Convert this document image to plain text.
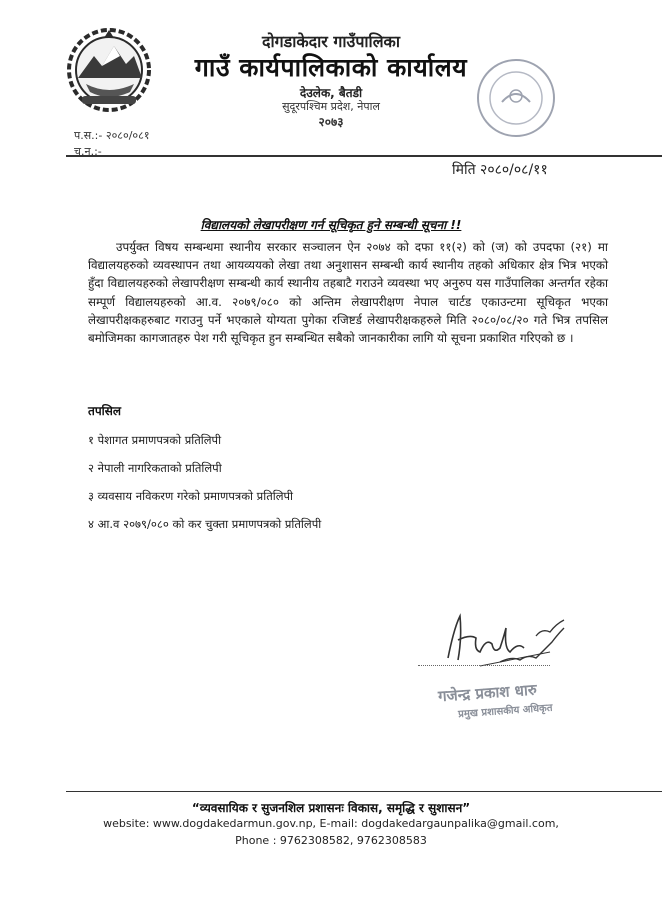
दोगडाकेदार गाउँपालिका
गाउँ कार्यपालिकाको कार्यालय
देउलेक, बैतडी
सुदूरपश्चिम प्रदेश, नेपाल
२०७३
प.स.:- २०८०/०८१
च.न.:-
मिति २०८०/०८/११
विद्यालयको लेखापरीक्षण गर्न सूचिकृत हुने सम्बन्धी सूचना !!

उपर्युक्त विषय सम्बन्धमा स्थानीय सरकार सञ्चालन ऐन २०७४ को दफा ११(२) को (ज) को उपदफा (२१) मा विद्यालयहरुको व्यवस्थापन तथा आयव्ययको लेखा तथा अनुशासन सम्बन्धी कार्य स्थानीय तहको अधिकार क्षेत्र भित्र भएको हुँदा विद्यालयहरुको लेखापरीक्षण सम्बन्धी कार्य स्थानीय तहबाटै गराउने व्यवस्था भए अनुरुप यस गाउँपालिका अन्तर्गत रहेका सम्पूर्ण विद्यालयहरुको आ.व. २०७९/०८० को अन्तिम लेखापरीक्षण नेपाल चार्टड एकाउन्टमा सूचिकृत भएका लेखापरीक्षकहरुबाट गराउनु पर्ने भएकाले योग्यता पुगेका रजिष्टर्ड लेखापरीक्षकहरुले मिति २०८०/०८/२० गते भित्र तपसिल बमोजिमका कागजातहरु पेश गरी सूचिकृत हुन सम्बन्धित सबैको जानकारीका लागि यो सूचना प्रकाशित गरिएको छ ।

तपसिल
१ पेशागत प्रमाणपत्रको प्रतिलिपी
२ नेपाली नागरिकताको प्रतिलिपी
३ व्यवसाय नविकरण गरेको प्रमाणपत्रको प्रतिलिपी
४ आ.व २०७९/०८० को कर चुक्ता प्रमाणपत्रको प्रतिलिपी
गजेन्द्र प्रकाश धारु
प्रमुख प्रशासकीय अधिकृत
“व्यवसायिक र सुजनशिल प्रशासनः विकास, समृद्धि र सुशासन”
website: www.dogdakedarmun.gov.np, E-mail: dogdakedargaunpalika@gmail.com,
Phone : 9762308582, 9762308583
